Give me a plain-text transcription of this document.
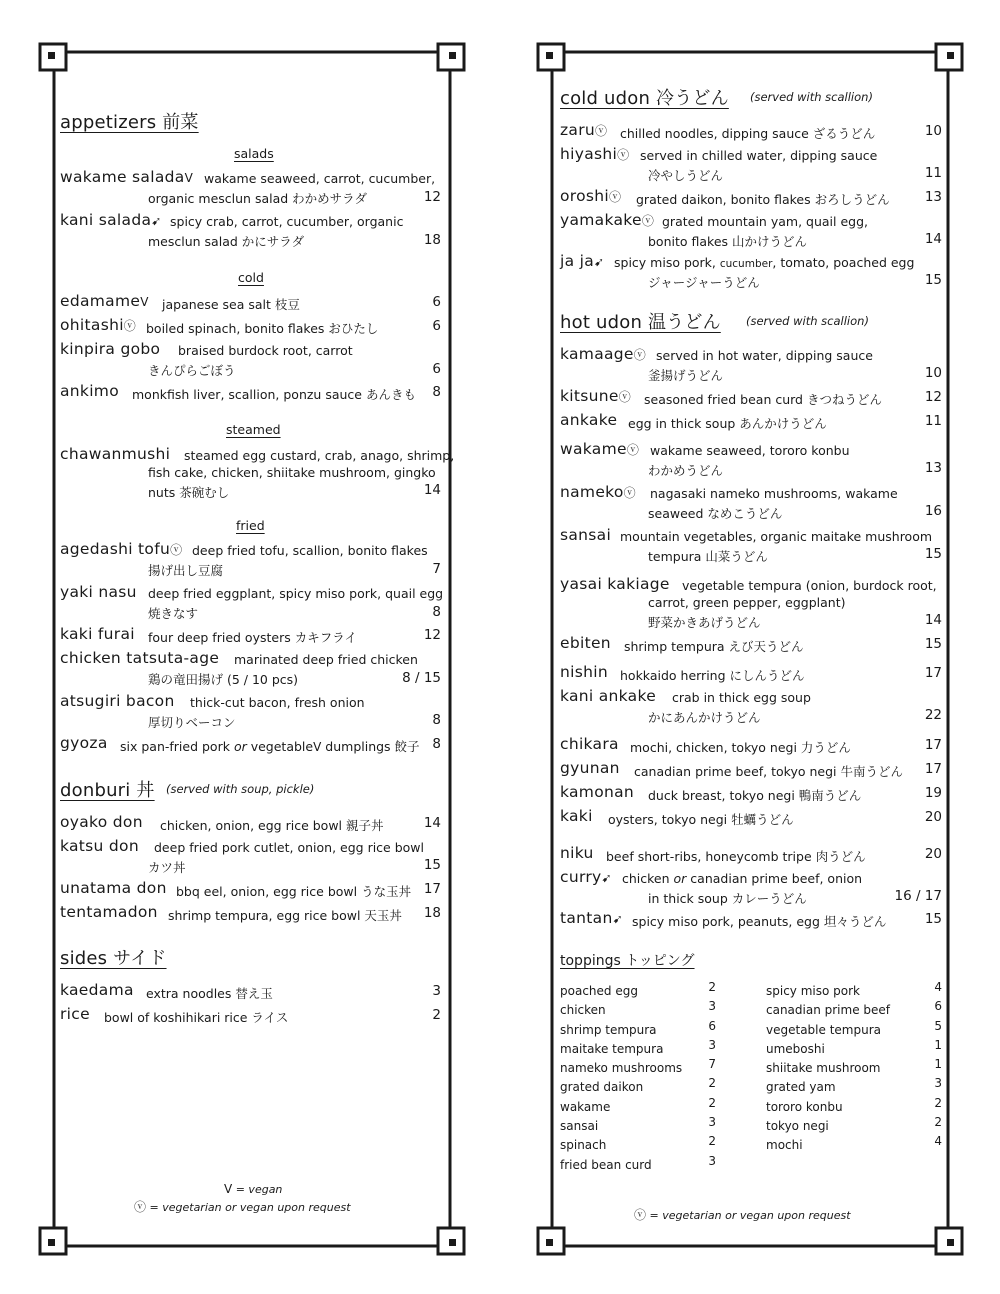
appetizers 前菜
salads
wakame saladaV wakame seaweed, carrot, cucumber,
organic mesclun salad わかめサラダ	12
kani salada➹ spicy crab, carrot, cucumber, organic
mesclun salad かにサラダ	18
cold
edamameV japanese sea salt 枝豆	6
ohitashiⓥ boiled spinach, bonito flakes おひたし	6
kinpira gobo braised burdock root, carrot
きんぴらごぼう	6
ankimo monkfish liver, scallion, ponzu sauce あんきも	8
steamed
chawanmushi steamed egg custard, crab, anago, shrimp,
fish cake, chicken, shiitake mushroom, gingko
nuts 茶碗むし	14
fried
agedashi tofuⓥ deep fried tofu, scallion, bonito flakes
揚げ出し豆腐	7
yaki nasu deep fried eggplant, spicy miso pork, quail egg
焼きなす	8
kaki furai four deep fried oysters カキフライ	12
chicken tatsuta-age marinated deep fried chicken
鶏の竜田揚げ (5 / 10 pcs)	8 / 15
atsugiri bacon thick-cut bacon, fresh onion
厚切りベーコン	8
gyoza six pan-fried pork or vegetableV dumplings 餃子 8
donburi 丼 (served with soup, pickle)
oyako don chicken, onion, egg rice bowl 親子丼	14
katsu don deep fried pork cutlet, onion, egg rice bowl
カツ丼	15
unatama don bbq eel, onion, egg rice bowl うな玉丼 17
tentamadon shrimp tempura, egg rice bowl 天玉丼	18
sides サイド
kaedama extra noodles 替え玉	3
rice bowl of koshihikari rice ライス	2
V = vegan
ⓥ = vegetarian or vegan upon request
cold udon 冷うどん (served with scallion)
zaruⓥ chilled noodles, dipping sauce ざるうどん	10
hiyashiⓥ served in chilled water, dipping sauce
冷やしうどん	11
oroshiⓥ grated daikon, bonito flakes おろしうどん	13
yamakakeⓥ grated mountain yam, quail egg,
bonito flakes 山かけうどん	14
ja ja➹ spicy miso pork, cucumber, tomato, poached egg
ジャージャーうどん	15
hot udon 温うどん (served with scallion)
kamaageⓥ served in hot water, dipping sauce
釜揚げうどん	10
kitsuneⓥ seasoned fried bean curd きつねうどん	12
ankake egg in thick soup あんかけうどん	11
wakameⓥ wakame seaweed, tororo konbu
わかめうどん	13
namekoⓥ nagasaki nameko mushrooms, wakame
seaweed なめこうどん	16
sansai mountain vegetables, organic maitake mushroom
tempura 山菜うどん	15
yasai kakiage vegetable tempura (onion, burdock root,
carrot, green pepper, eggplant)
野菜かきあげうどん	14
ebiten shrimp tempura えび天うどん	15
nishin hokkaido herring にしんうどん	17
kani ankake crab in thick egg soup
かにあんかけうどん	22
chikara mochi, chicken, tokyo negi 力うどん	17
gyunan canadian prime beef, tokyo negi 牛南うどん	17
kamonan duck breast, tokyo negi 鴨南うどん	19
kaki oysters, tokyo negi 牡蠣うどん	20
niku beef short-ribs, honeycomb tripe 肉うどん	20
curry➹ chicken or canadian prime beef, onion
in thick soup カレーうどん	16 / 17
tantan➹ spicy miso pork, peanuts, egg 坦々うどん	15
toppings トッピング
poached egg	2
chicken	3
shrimp tempura	6
maitake tempura	3
nameko mushrooms	7
grated daikon	2
wakame	2
sansai	3
spinach	2
fried bean curd	3
spicy miso pork	4
canadian prime beef	6
vegetable tempura	5
umeboshi	1
shiitake mushroom	1
grated yam	3
tororo konbu	2
tokyo negi	2
mochi	4
ⓥ = vegetarian or vegan upon request
